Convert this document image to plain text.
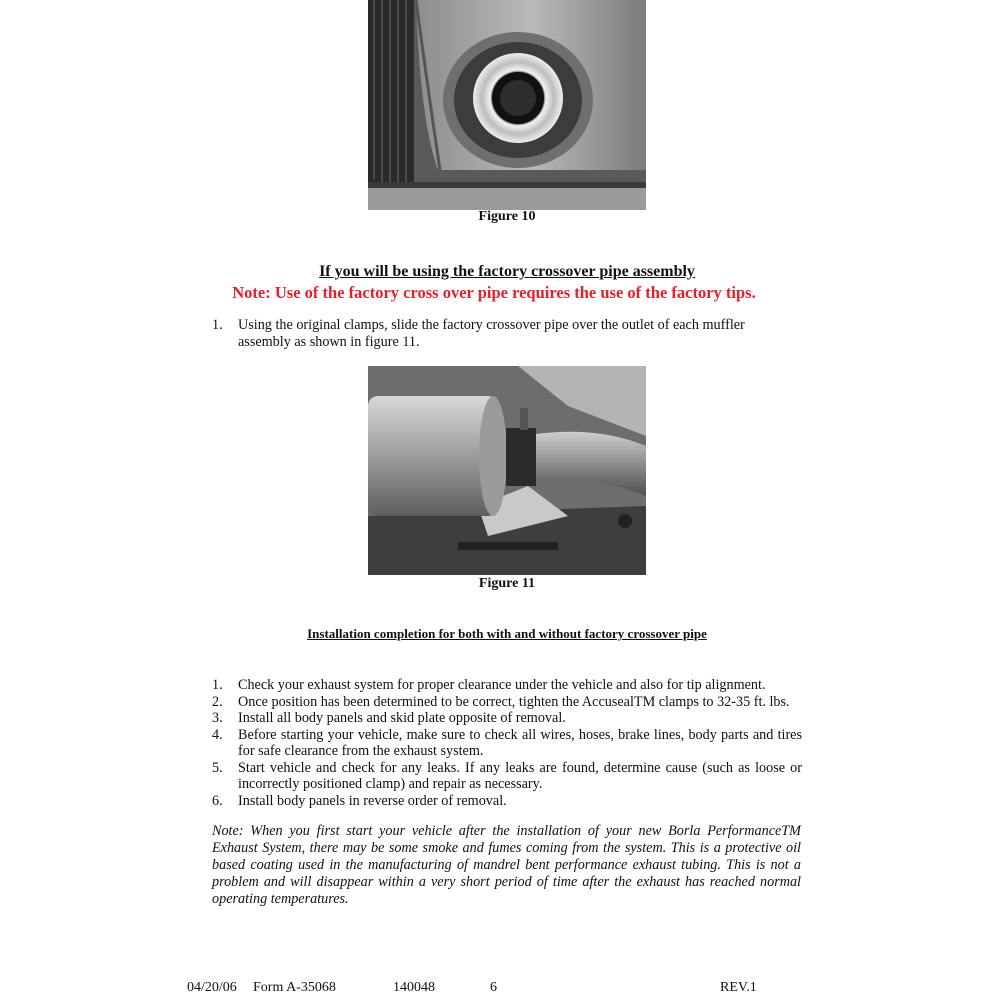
Figure 10
If you will be using the factory crossover pipe assembly
Note: Use of the factory cross over pipe requires the use of the factory tips.
1. Using the original clamps, slide the factory crossover pipe over the outlet of each muffler assembly as shown in figure 11.
Figure 11
Installation completion for both with and without factory crossover pipe
1. Check your exhaust system for proper clearance under the vehicle and also for tip alignment.
2. Once position has been determined to be correct, tighten the AccusealTM clamps to 32-35 ft. lbs.
3. Install all body panels and skid plate opposite of removal.
4. Before starting your vehicle, make sure to check all wires, hoses, brake lines, body parts and tires for safe clearance from the exhaust system.
5. Start vehicle and check for any leaks. If any leaks are found, determine cause (such as loose or incorrectly positioned clamp) and repair as necessary.
6. Install body panels in reverse order of removal.
Note: When you first start your vehicle after the installation of your new Borla PerformanceTM Exhaust System, there may be some smoke and fumes coming from the system. This is a protective oil based coating used in the manufacturing of mandrel bent performance exhaust tubing. This is not a problem and will disappear within a very short period of time after the exhaust has reached normal operating temperatures.
04/20/06 Form A-35068	140048	6	REV.1
